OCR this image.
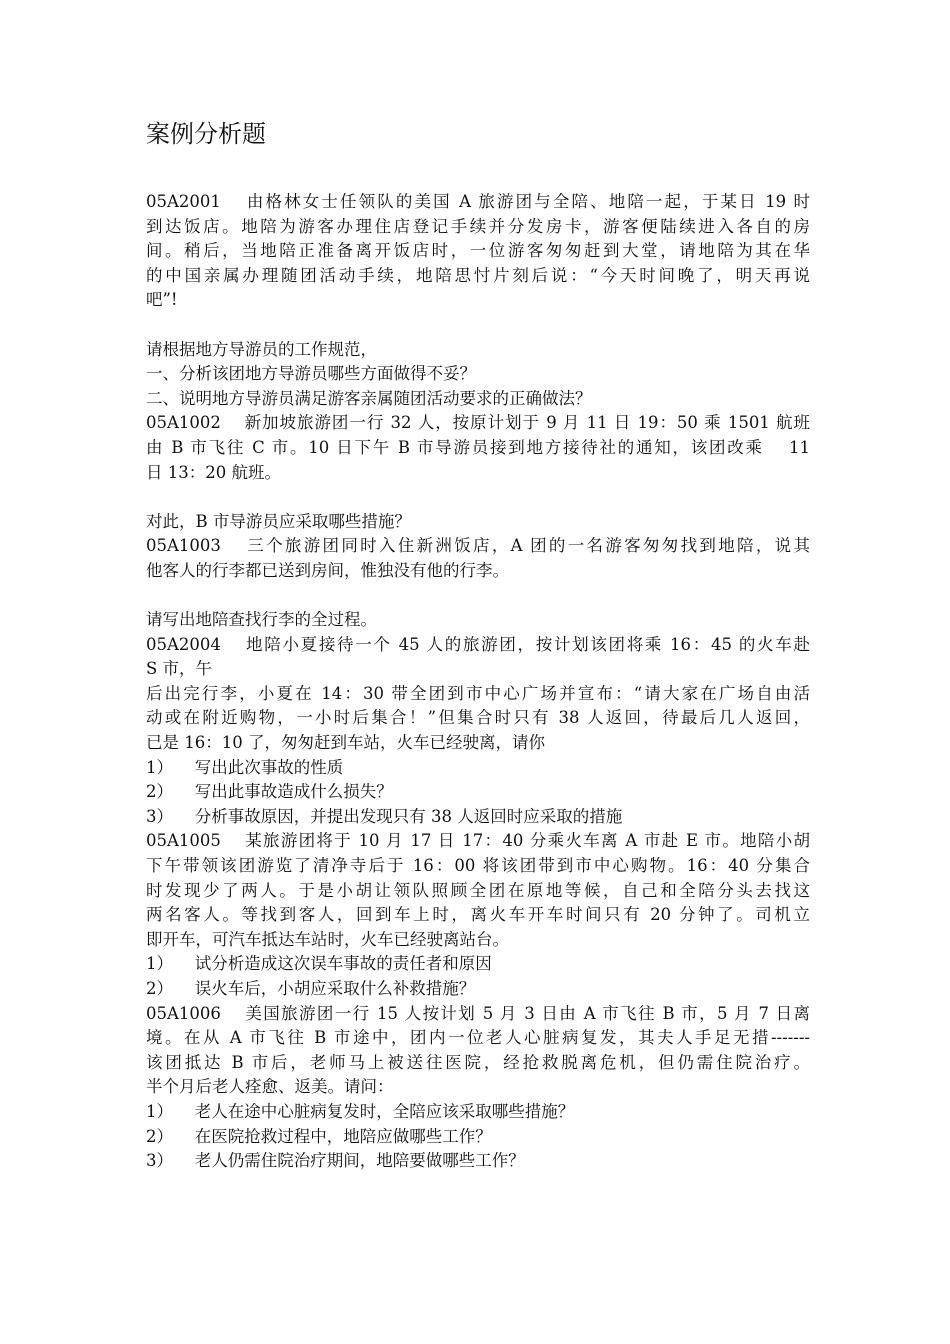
案例分析题
05A2001 　由格林女士任领队的美国 A 旅游团与全陪、地陪一起，于某日 19 时
到达饭店。地陪为游客办理住店登记手续并分发房卡，游客便陆续进入各自的房
间。稍后，当地陪正准备离开饭店时，一位游客匆匆赶到大堂，请地陪为其在华
的中国亲属办理随团活动手续，地陪思忖片刻后说：“今天时间晚了，明天再说
吧”!
请根据地方导游员的工作规范，
一、分析该团地方导游员哪些方面做得不妥？
二、说明地方导游员满足游客亲属随团活动要求的正确做法？
05A1002 　新加坡旅游团一行 32 人，按原计划于 9 月 11 日 19：50 乘 1501 航班
由 B 市飞往 C 市。10 日下午 B 市导游员接到地方接待社的通知，该团改乘 　11
日 13：20 航班。
对此，B 市导游员应采取哪些措施？
05A1003 　三个旅游团同时入住新洲饭店，A 团的一名游客匆匆找到地陪，说其
他客人的行李都已送到房间，惟独没有他的行李。
请写出地陪查找行李的全过程。
05A2004 　地陪小夏接待一个 45 人的旅游团，按计划该团将乘 16：45 的火车赴
S 市，午
后出完行李，小夏在 14：30 带全团到市中心广场并宣布：“请大家在广场自由活
动或在附近购物，一小时后集合！”但集合时只有 38 人返回，待最后几人返回，
已是 16：10 了，匆匆赶到车站，火车已经驶离，请你
1） 　写出此次事故的性质
2） 　写出此事故造成什么损失？
3） 　分析事故原因，并提出发现只有 38 人返回时应采取的措施
05A1005 　某旅游团将于 10 月 17 日 17：40 分乘火车离 A 市赴 E 市。地陪小胡
下午带领该团游览了清净寺后于 16：00 将该团带到市中心购物。16：40 分集合
时发现少了两人。于是小胡让领队照顾全团在原地等候，自己和全陪分头去找这
两名客人。等找到客人，回到车上时，离火车开车时间只有 20 分钟了。司机立
即开车，可汽车抵达车站时，火车已经驶离站台。
1） 　试分析造成这次误车事故的责任者和原因
2） 　误火车后，小胡应采取什么补救措施？
05A1006 　美国旅游团一行 15 人按计划 5 月 3 日由 A 市飞往 B 市，5 月 7 日离
境。在从 A 市飞往 B 市途中，团内一位老人心脏病复发，其夫人手足无措-------
该团抵达 B 市后，老师马上被送往医院，经抢救脱离危机，但仍需住院治疗。
半个月后老人痊愈、返美。请问：
1） 　老人在途中心脏病复发时，全陪应该采取哪些措施？
2） 　在医院抢救过程中，地陪应做哪些工作？
3） 　老人仍需住院治疗期间，地陪要做哪些工作？
